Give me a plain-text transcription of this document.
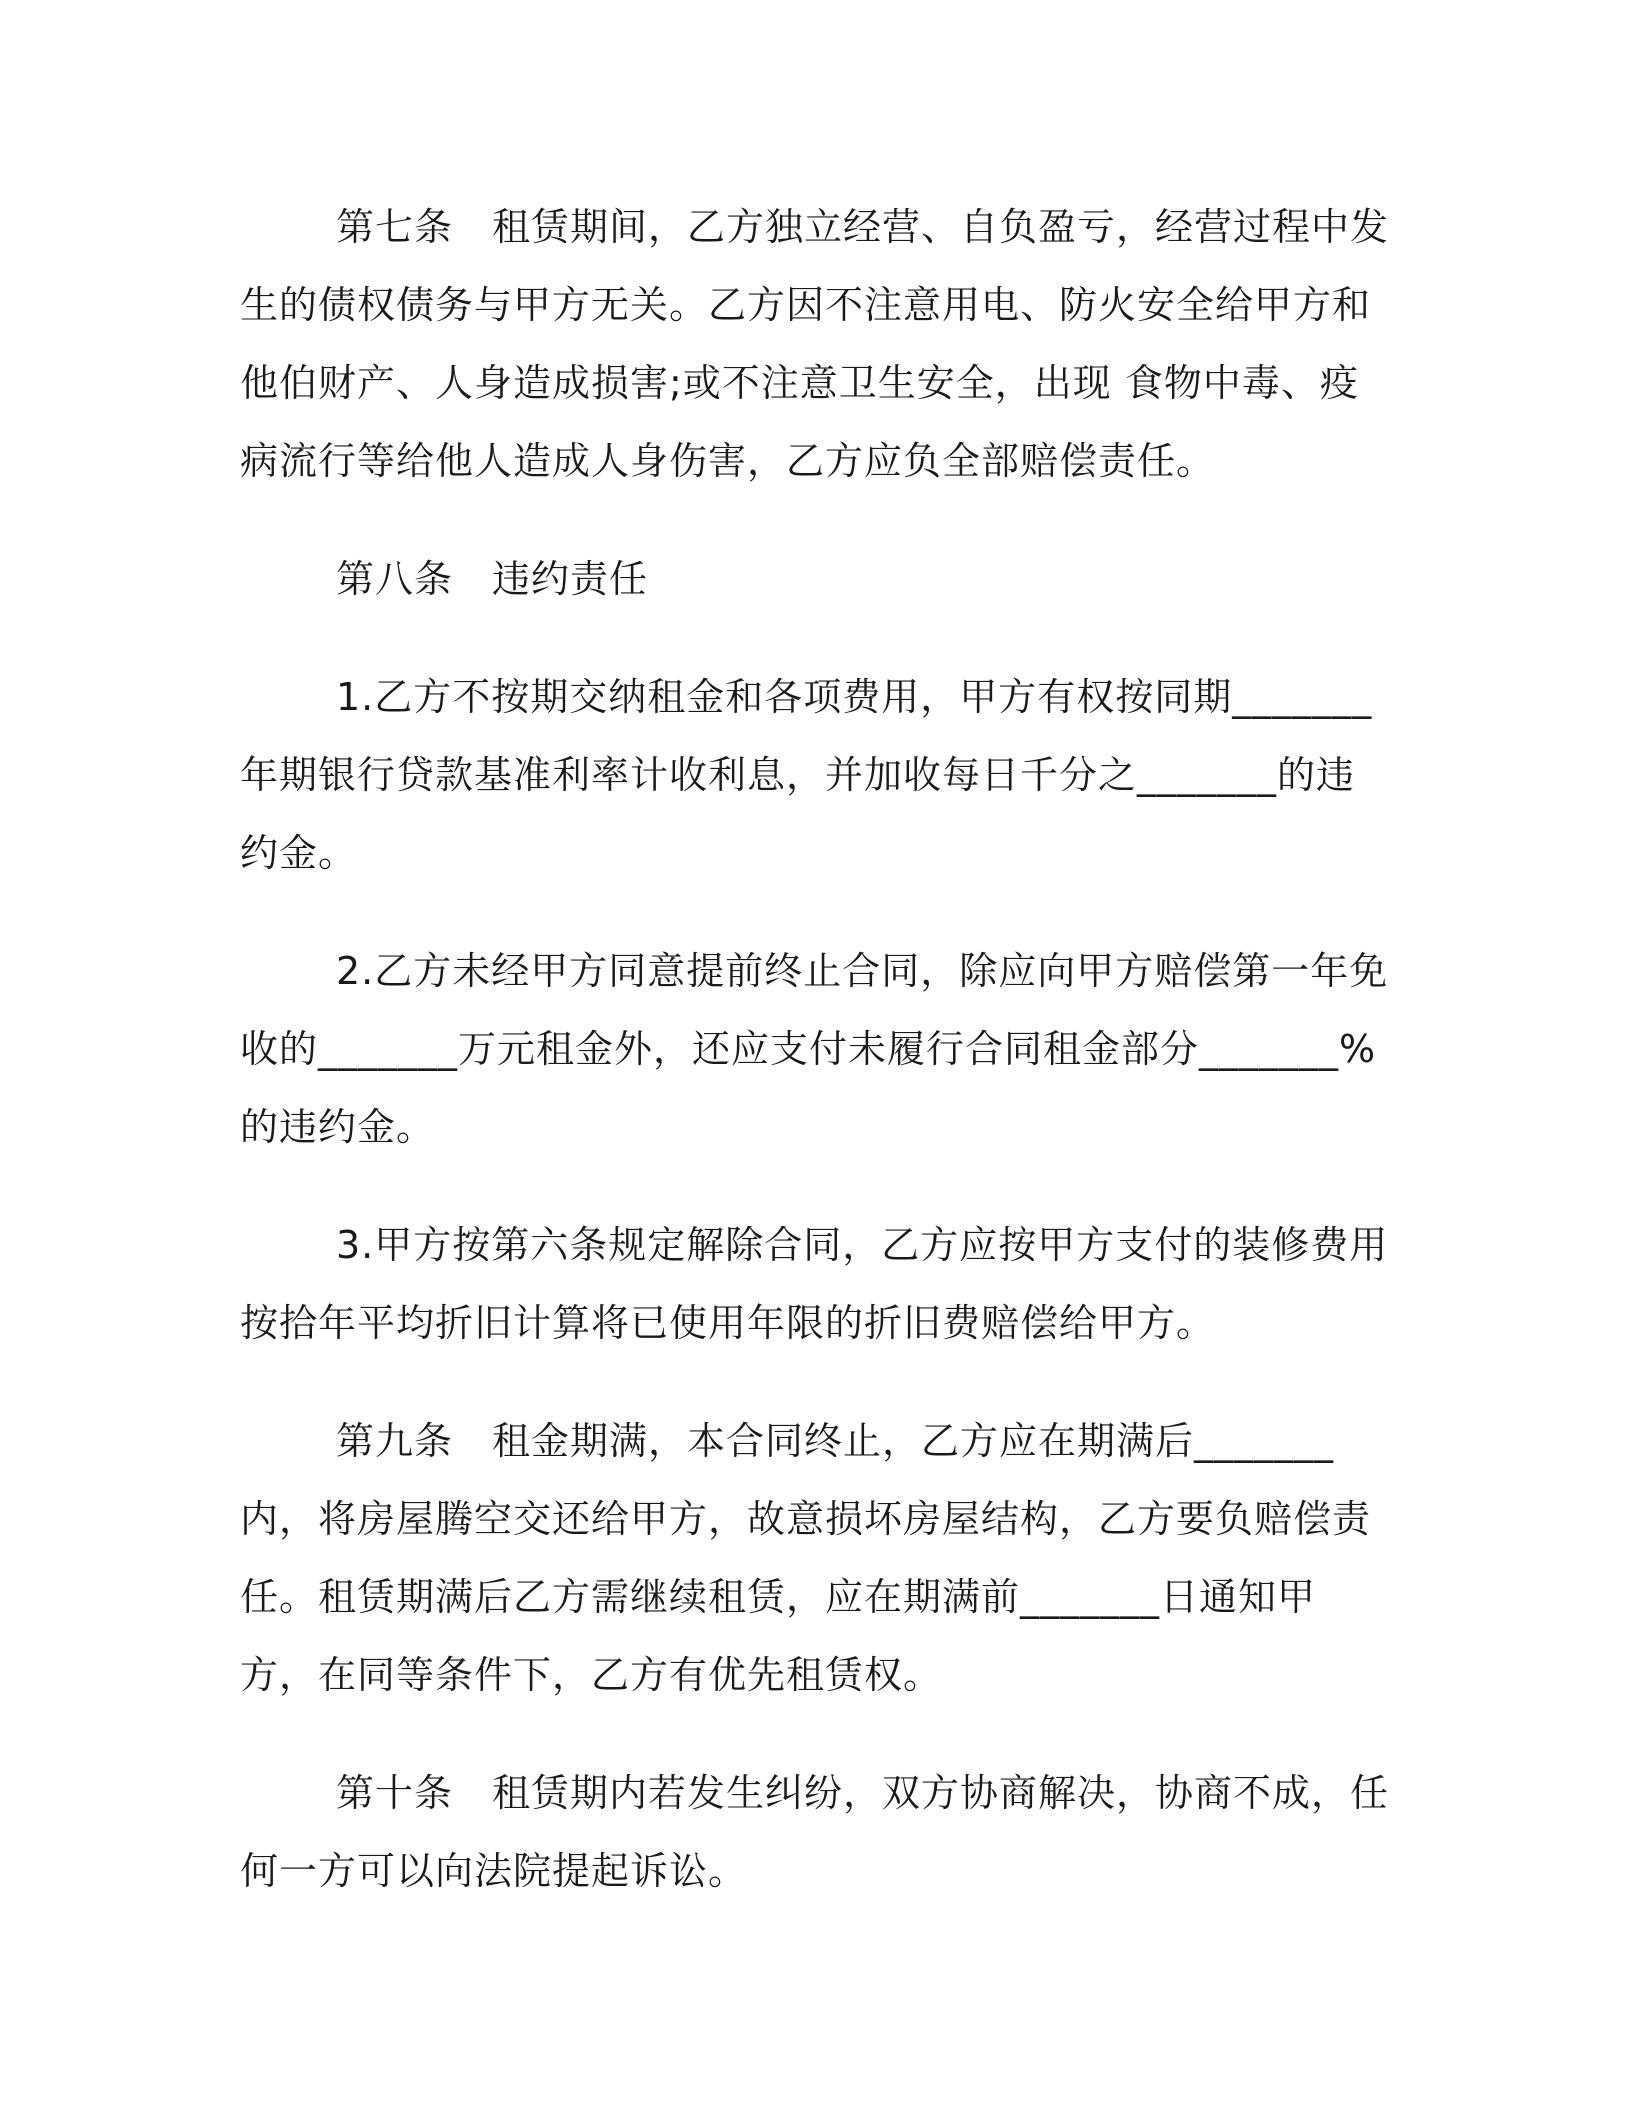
第七条　租赁期间，乙方独立经营、自负盈亏，经营过程中发生的债权债务与甲方无关。乙方因不注意用电、防火安全给甲方和他伯财产、人身造成损害;或不注意卫生安全，出现 食物中毒、疫病流行等给他人造成人身伤害，乙方应负全部赔偿责任。

第八条　违约责任

1.乙方不按期交纳租金和各项费用，甲方有权按同期_______年期银行贷款基准利率计收利息，并加收每日千分之_______的违约金。

2.乙方未经甲方同意提前终止合同，除应向甲方赔偿第一年免收的_______万元租金外，还应支付未履行合同租金部分_______%的违约金。

3.甲方按第六条规定解除合同，乙方应按甲方支付的装修费用按拾年平均折旧计算将已使用年限的折旧费赔偿给甲方。

第九条　租金期满，本合同终止，乙方应在期满后_______内，将房屋腾空交还给甲方，故意损坏房屋结构，乙方要负赔偿责任。租赁期满后乙方需继续租赁，应在期满前_______日通知甲方，在同等条件下，乙方有优先租赁权。

第十条　租赁期内若发生纠纷，双方协商解决，协商不成，任何一方可以向法院提起诉讼。
